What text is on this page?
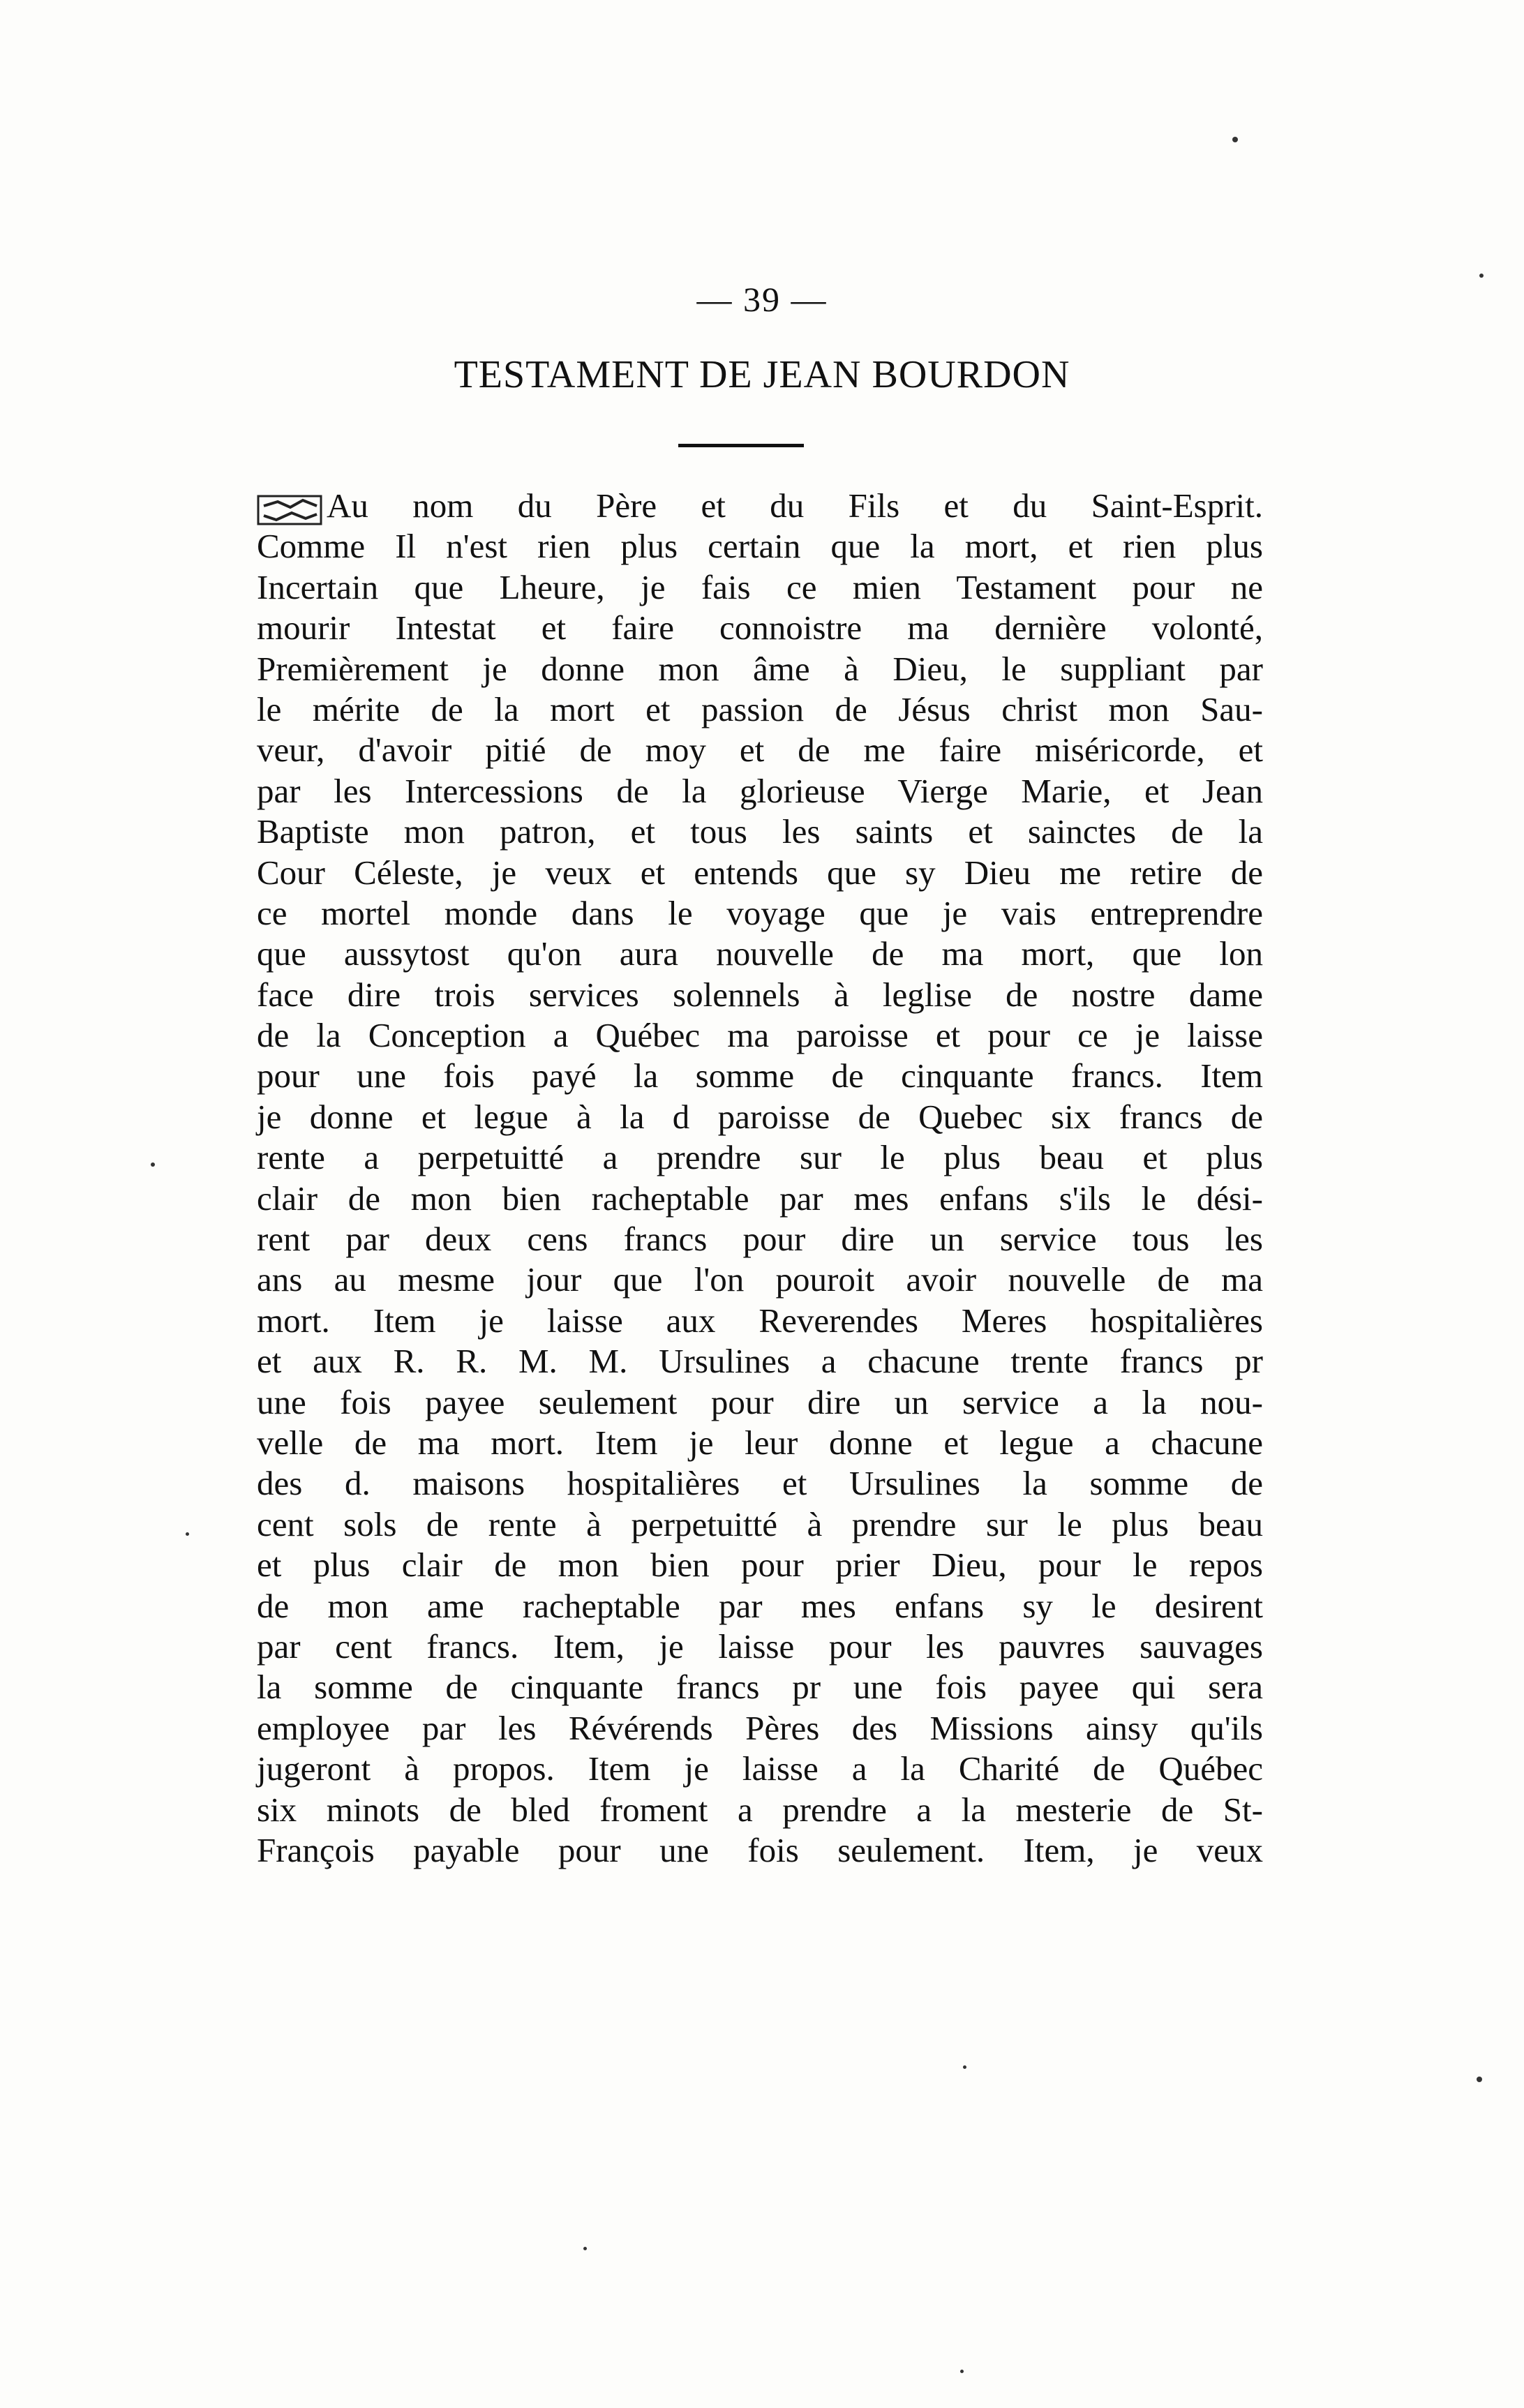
— 39 —
TESTAMENT DE JEAN BOURDON
Au nom du Père et du Fils et du Saint-Esprit.
Comme Il n'est rien plus certain que la mort, et rien plus
Incertain que Lheure, je fais ce mien Testament pour ne
mourir Intestat et faire connoistre ma dernière volonté,
Premièrement je donne mon âme à Dieu, le suppliant par
le mérite de la mort et passion de Jésus christ mon Sau-
veur, d'avoir pitié de moy et de me faire miséricorde, et
par les Intercessions de la glorieuse Vierge Marie, et Jean
Baptiste mon patron, et tous les saints et sainctes de la
Cour Céleste, je veux et entends que sy Dieu me retire de
ce mortel monde dans le voyage que je vais entreprendre
que aussytost qu'on aura nouvelle de ma mort, que lon
face dire trois services solennels à leglise de nostre dame
de la Conception a Québec ma paroisse et pour ce je laisse
pour une fois payé la somme de cinquante francs. Item
je donne et legue à la d paroisse de Quebec six francs de
rente a perpetuitté a prendre sur le plus beau et plus
clair de mon bien racheptable par mes enfans s'ils le dési-
rent par deux cens francs pour dire un service tous les
ans au mesme jour que l'on pouroit avoir nouvelle de ma
mort. Item je laisse aux Reverendes Meres hospitalières
et aux R. R. M. M. Ursulines a chacune trente francs pr
une fois payee seulement pour dire un service a la nou-
velle de ma mort. Item je leur donne et legue a chacune
des d. maisons hospitalières et Ursulines la somme de
cent sols de rente à perpetuitté à prendre sur le plus beau
et plus clair de mon bien pour prier Dieu, pour le repos
de mon ame racheptable par mes enfans sy le desirent
par cent francs. Item, je laisse pour les pauvres sauvages
la somme de cinquante francs pr une fois payee qui sera
employee par les Révérends Pères des Missions ainsy qu'ils
jugeront à propos. Item je laisse a la Charité de Québec
six minots de bled froment a prendre a la mesterie de St-
François payable pour une fois seulement. Item, je veux
